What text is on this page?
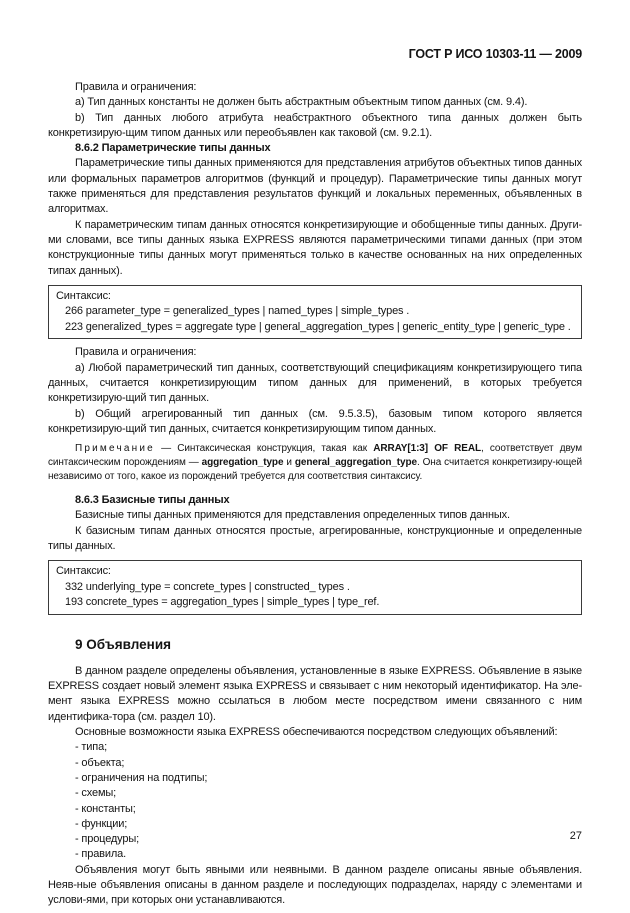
ГОСТ Р ИСО 10303-11 — 2009

Правила и ограничения:

а) Тип данных константы не должен быть абстрактным объектным типом данных (см. 9.4).

b) Тип данных любого атрибута неабстрактного объектного типа данных должен быть конкретизирую-щим типом данных или переобъявлен как таковой (см. 9.2.1).

8.6.2 Параметрические типы данных

Параметрические типы данных применяются для представления атрибутов объектных типов данных или формальных параметров алгоритмов (функций и процедур). Параметрические типы данных могут также применяться для представления результатов функций и локальных переменных, объявленных в алгоритмах.

К параметрическим типам данных относятся конкретизирующие и обобщенные типы данных. Други-ми словами, все типы данных языка EXPRESS являются параметрическими типами данных (при этом конструкционные типы данных могут применяться только в качестве основанных на них определенных типах данных).

Синтаксис:

266 parameter_type = generalized_types | named_types | simple_types .

223 generalized_types = aggregate type | general_aggregation_types | generic_entity_type | generic_type .

Правила и ограничения:

а) Любой параметрический тип данных, соответствующий спецификациям конкретизирующего типа данных, считается конкретизирующим типом данных для применений, в которых требуется конкретизирую-щий тип данных.

b) Общий агрегированный тип данных (см. 9.5.3.5), базовым типом которого является конкретизирую-щий тип данных, считается конкретизирующим типом данных.

Примечание — Синтаксическая конструкция, такая как ARRAY[1:3] OF REAL, соответствует двум синтаксическим порождениям — aggregation_type и general_aggregation_type. Она считается конкретизиру-ющей независимо от того, какое из порождений требуется для соответствия синтаксису.

8.6.3 Базисные типы данных

Базисные типы данных применяются для представления определенных типов данных.

К базисным типам данных относятся простые, агрегированные, конструкционные и определенные типы данных.

Синтаксис:

332 underlying_type = concrete_types | constructed_ types .

193 concrete_types = aggregation_types | simple_types | type_ref.

9 Объявления

В данном разделе определены объявления, установленные в языке EXPRESS. Объявление в языке EXPRESS создает новый элемент языка EXPRESS и связывает с ним некоторый идентификатор. На эле-мент языка EXPRESS можно ссылаться в любом месте посредством имени связанного с ним идентифика-тора (см. раздел 10).

Основные возможности языка EXPRESS обеспечиваются посредством следующих объявлений:

- типа;

- объекта;

- ограничения на подтипы;

- схемы;

- константы;

- функции;

- процедуры;

- правила.

Объявления могут быть явными или неявными. В данном разделе описаны явные объявления. Неяв-ные объявления описаны в данном разделе и последующих подразделах, наряду с элементами и услови-ями, при которых они устанавливаются.

27
